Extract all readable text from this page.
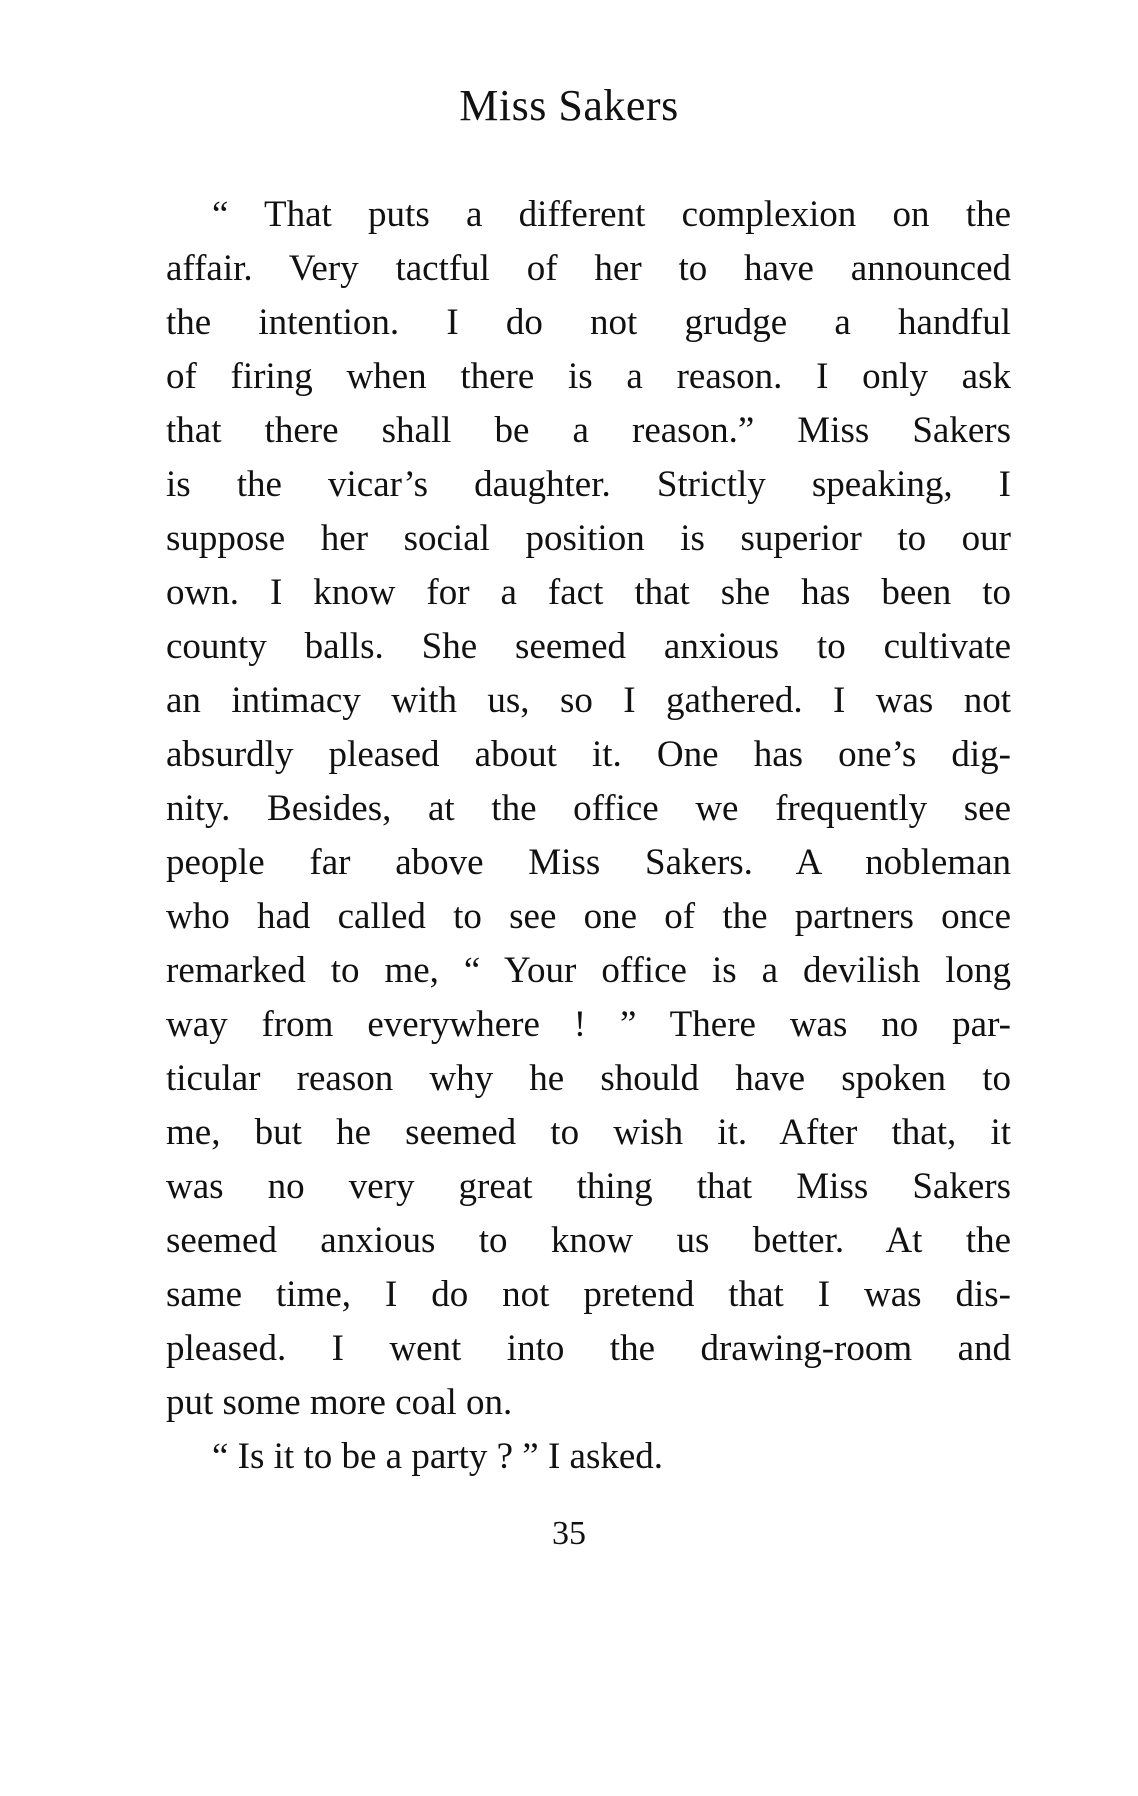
Miss Sakers
“ That puts a different complexion on the
affair. Very tactful of her to have announced
the intention. I do not grudge a handful
of firing when there is a reason. I only ask
that there shall be a reason.” Miss Sakers
is the vicar’s daughter. Strictly speaking, I
suppose her social position is superior to our
own. I know for a fact that she has been to
county balls. She seemed anxious to cultivate
an intimacy with us, so I gathered. I was not
absurdly pleased about it. One has one’s dig-
nity. Besides, at the office we frequently see
people far above Miss Sakers. A nobleman
who had called to see one of the partners once
remarked to me, “ Your office is a devilish long
way from everywhere ! ” There was no par-
ticular reason why he should have spoken to
me, but he seemed to wish it. After that, it
was no very great thing that Miss Sakers
seemed anxious to know us better. At the
same time, I do not pretend that I was dis-
pleased. I went into the drawing-room and
put some more coal on.
“ Is it to be a party ? ” I asked.
35
